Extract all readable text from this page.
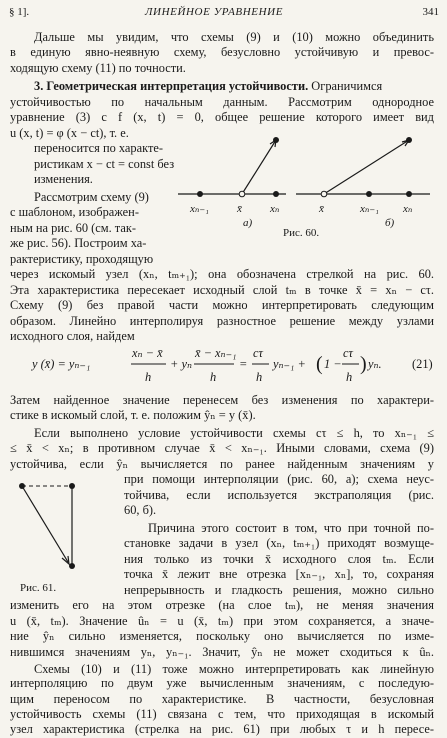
§ 1].	ЛИНЕЙНОЕ УРАВНЕНИЕ	341
Дальше мы увидим, что схемы (9) и (10) можно объединить
в единую явно-неявную схему, безусловно устойчивую и превос-
ходящую схему (11) по точности.
3. Геометрическая интерпретация устойчивости. Ограничимся
устойчивостью по начальным данным. Рассмотрим однородное
уравнение (3) с f (x, t) = 0, общее решение которого имеет вид
u (x, t) = φ (x − ct), т. е.
переносится по характе-
ристикам x − ct = const без
изменения.
Рассмотрим схему (9)
с шаблоном, изображен-
ным на рис. 60 (см. так-
же рис. 56). Построим ха-
рактеристику, проходящую
xₙ₋₁	x̄	xₙ
а)
x̄	xₙ₋₁ xₙ
б)
Рис. 60.
через искомый узел (xₙ, tₘ₊₁); она обозначена стрелкой на рис. 60.
Эта характеристика пересекает исходный слой tₘ в точке x̄ = xₙ − cτ.
Схему (9) без правой части можно интерпретировать следующим
образом. Линейно интерполируя разностное решение между узлами
исходного слоя, найдем
y (x̄) = yₙ₋₁
xₙ − x̄
h
+ yₙ
x̄ − xₙ₋₁
h
=
cτ
h
yₙ₋₁ + ( 1 −
cτ
h
) yₙ. (21)
Затем найденное значение перенесем без изменения по характери-
стике в искомый слой, т. е. положим ŷₙ = y (x̄).
Если выполнено условие устойчивости схемы cτ ≤ h, то xₙ₋₁ ≤
≤ x̄ < xₙ; в противном случае x̄ < xₙ₋₁. Иными словами, схема (9)
устойчива, если ŷₙ вычисляется по ранее найденным значениям y
при помощи интерполяции (рис. 60, а); схема неус-
тойчива, если используется экстраполяция (рис.
60, б).
Рис. 61.
Причина этого состоит в том, что при точной по-
становке задачи в узел (xₙ, tₘ₊₁) приходят возмуще-
ния только из точки x̄ исходного слоя tₘ. Если
точка x̄ лежит вне отрезка [xₙ₋₁, xₙ], то, сохраняя
непрерывность и гладкость решения, можно сильно
изменить его на этом отрезке (на слое tₘ), не меняя значения
u (x̄, tₘ). Значение ûₙ = u (x̄, tₘ) при этом сохраняется, а значе-
ние ŷₙ сильно изменяется, поскольку оно вычисляется по изме-
нившимся значениям yₙ, yₙ₋₁. Значит, ŷₙ не может сходиться к ûₙ.
Схемы (10) и (11) тоже можно интерпретировать как линейную
интерполяцию по двум уже вычисленным значениям, с последую-
щим переносом по характеристике. В частности, безусловная
устойчивость схемы (11) связана с тем, что приходящая в искомый
узел характеристика (стрелка на рис. 61) при любых τ и h пересе-
